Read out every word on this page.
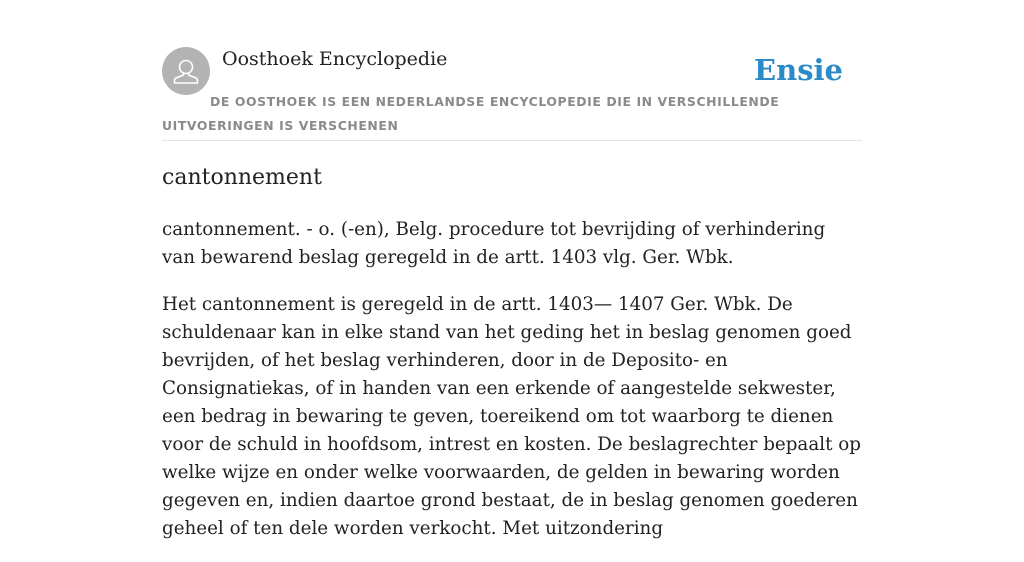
Oosthoek Encyclopedie	Ensie
DE OOSTHOEK IS EEN NEDERLANDSE ENCYCLOPEDIE DIE IN VERSCHILLENDE UITVOERINGEN IS VERSCHENEN
cantonnement

cantonnement. - o. (-en), Belg. procedure tot bevrijding of verhindering van bewarend beslag geregeld in de artt. 1403 vlg. Ger. Wbk.

Het cantonnement is geregeld in de artt. 1403— 1407 Ger. Wbk. De schuldenaar kan in elke stand van het geding het in beslag genomen goed bevrijden, of het beslag verhinderen, door in de Deposito- en Consignatiekas, of in handen van een erkende of aangestelde sekwester, een bedrag in bewaring te geven, toereikend om tot waarborg te dienen voor de schuld in hoofdsom, intrest en kosten. De beslagrechter bepaalt op welke wijze en onder welke voorwaarden, de gelden in bewaring worden gegeven en, indien daartoe grond bestaat, de in beslag genomen goederen geheel of ten dele worden verkocht. Met uitzondering
